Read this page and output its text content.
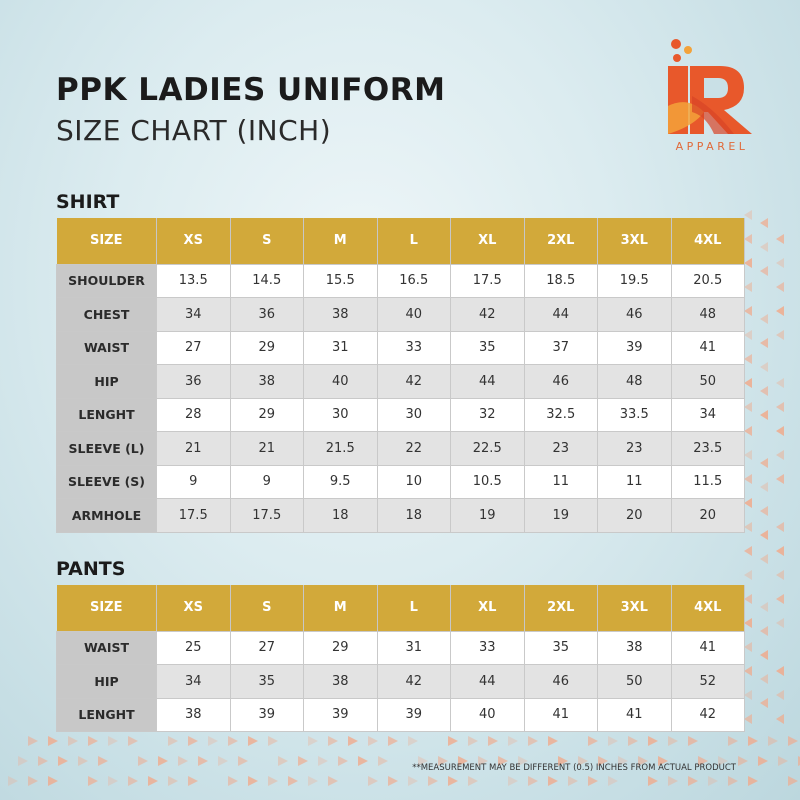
PPK LADIES UNIFORM
SIZE CHART (INCH)	APPAREL
SHIRT
SIZE	XS	S	M	L	XL	2XL	3XL	4XL
SHOULDER	13.5	14.5	15.5	16.5	17.5	18.5	19.5	20.5
CHEST	34	36	38	40	42	44	46	48
WAIST	27	29	31	33	35	37	39	41
HIP	36	38	40	42	44	46	48	50
LENGHT	28	29	30	30	32	32.5	33.5	34
SLEEVE (L)	21	21	21.5	22	22.5	23	23	23.5
SLEEVE (S)	9	9	9.5	10	10.5	11	11	11.5
ARMHOLE	17.5	17.5	18	18	19	19	20	20
PANTS
SIZE	XS	S	M	L	XL	2XL	3XL	4XL
WAIST	25	27	29	31	33	35	38	41
HIP	34	35	38	42	44	46	50	52
LENGHT	38	39	39	39	40	41	41	42
**MEASUREMENT MAY BE DIFFERENT (0.5) INCHES FROM ACTUAL PRODUCT
